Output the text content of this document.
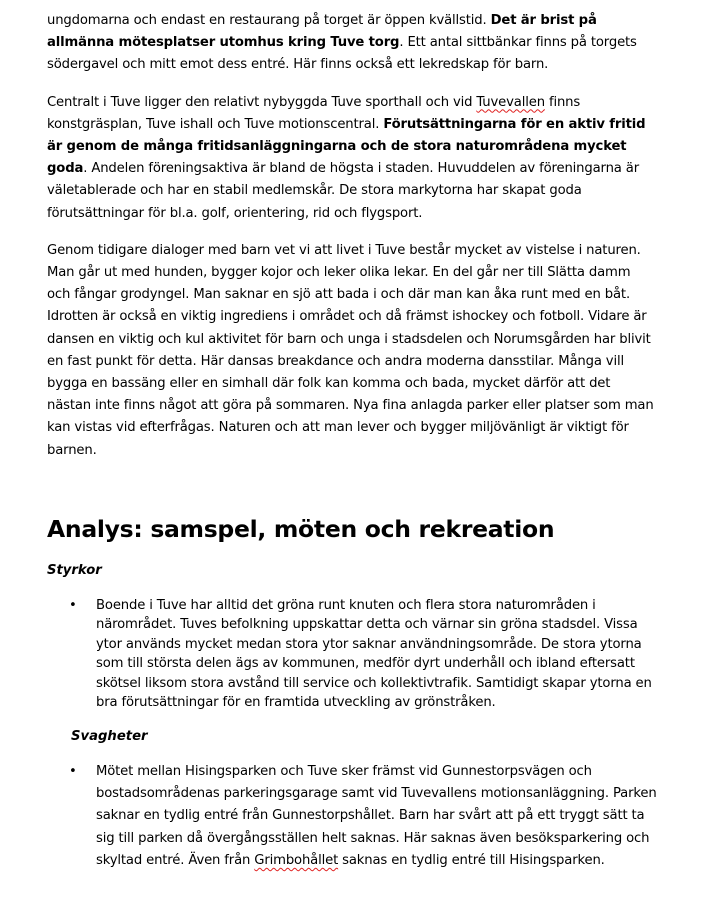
ungdomarna och endast en restaurang på torget är öppen kvällstid. Det är brist på allmänna mötesplatser utomhus kring Tuve torg. Ett antal sittbänkar finns på torgets södergavel och mitt emot dess entré. Här finns också ett lekredskap för barn.

Centralt i Tuve ligger den relativt nybyggda Tuve sporthall och vid Tuvevallen finns konstgräsplan, Tuve ishall och Tuve motionscentral. Förutsättningarna för en aktiv fritid är genom de många fritidsanläggningarna och de stora naturområdena mycket goda. Andelen föreningsaktiva är bland de högsta i staden. Huvuddelen av föreningarna är väletablerade och har en stabil medlemskår. De stora markytorna har skapat goda förutsättningar för bl.a. golf, orientering, rid och flygsport.

Genom tidigare dialoger med barn vet vi att livet i Tuve består mycket av vistelse i naturen. Man går ut med hunden, bygger kojor och leker olika lekar. En del går ner till Slätta damm och fångar grodyngel. Man saknar en sjö att bada i och där man kan åka runt med en båt. Idrotten är också en viktig ingrediens i området och då främst ishockey och fotboll. Vidare är dansen en viktig och kul aktivitet för barn och unga i stadsdelen och Norumsgården har blivit en fast punkt för detta. Här dansas breakdance och andra moderna dansstilar. Många vill bygga en bassäng eller en simhall där folk kan komma och bada, mycket därför att det nästan inte finns något att göra på sommaren. Nya fina anlagda parker eller platser som man kan vistas vid efterfrågas. Naturen och att man lever och bygger miljövänligt är viktigt för barnen.

Analys: samspel, möten och rekreation
Styrkor
• Boende i Tuve har alltid det gröna runt knuten och flera stora naturområden i närområdet. Tuves befolkning uppskattar detta och värnar sin gröna stadsdel. Vissa ytor används mycket medan stora ytor saknar användningsområde. De stora ytorna som till största delen ägs av kommunen, medför dyrt underhåll och ibland eftersatt skötsel liksom stora avstånd till service och kollektivtrafik. Samtidigt skapar ytorna en bra förutsättningar för en framtida utveckling av grönstråken.
Svagheter
• Mötet mellan Hisingsparken och Tuve sker främst vid Gunnestorpsvägen och bostadsområdenas parkeringsgarage samt vid Tuvevallens motionsanläggning. Parken saknar en tydlig entré från Gunnestorpshållet. Barn har svårt att på ett tryggt sätt ta sig till parken då övergångsställen helt saknas. Här saknas även besöksparkering och skyltad entré. Även från Grimbohållet saknas en tydlig entré till Hisingsparken.
